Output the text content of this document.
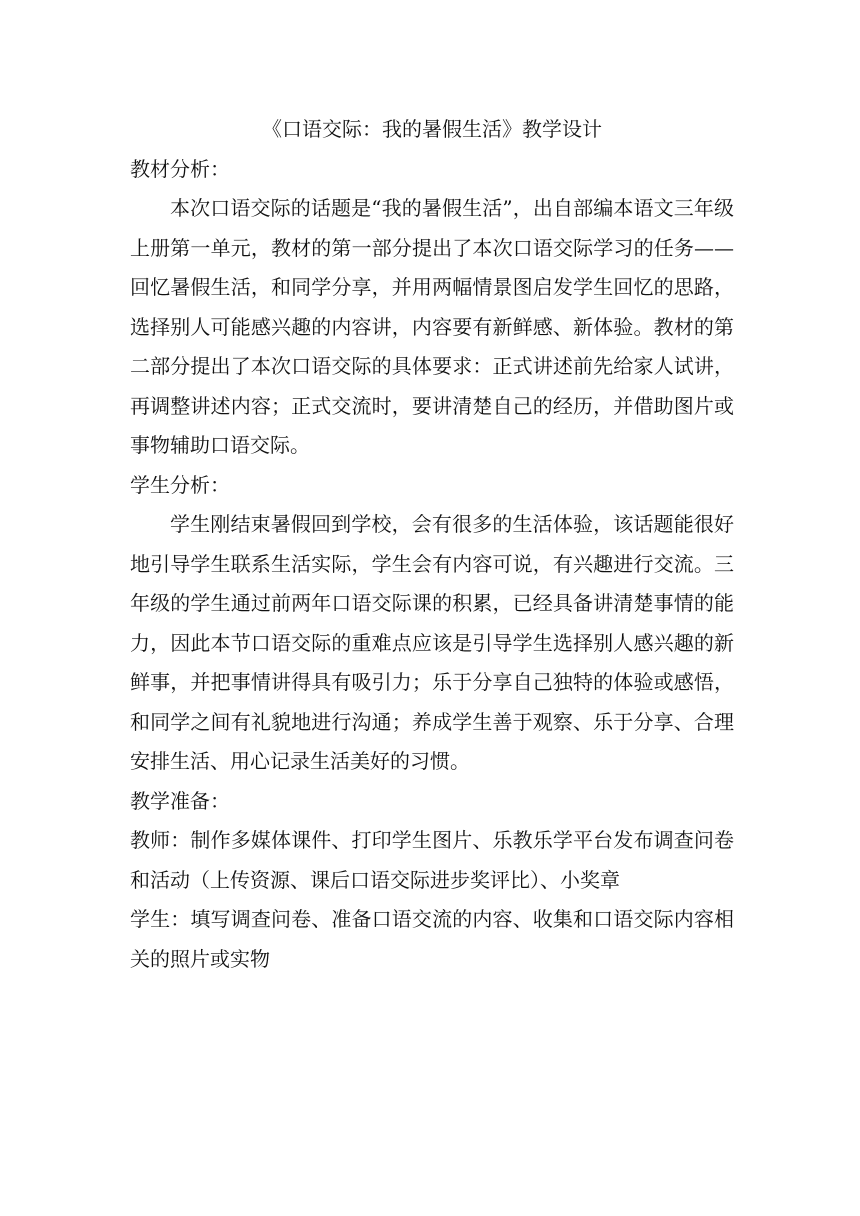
《口语交际：我的暑假生活》教学设计

教材分析：

本次口语交际的话题是“我的暑假生活”，出自部编本语文三年级上册第一单元，教材的第一部分提出了本次口语交际学习的任务——回忆暑假生活，和同学分享，并用两幅情景图启发学生回忆的思路，选择别人可能感兴趣的内容讲，内容要有新鲜感、新体验。教材的第二部分提出了本次口语交际的具体要求：正式讲述前先给家人试讲，再调整讲述内容；正式交流时，要讲清楚自己的经历，并借助图片或事物辅助口语交际。

学生分析：

学生刚结束暑假回到学校，会有很多的生活体验，该话题能很好地引导学生联系生活实际，学生会有内容可说，有兴趣进行交流。三年级的学生通过前两年口语交际课的积累，已经具备讲清楚事情的能力，因此本节口语交际的重难点应该是引导学生选择别人感兴趣的新鲜事，并把事情讲得具有吸引力；乐于分享自己独特的体验或感悟，和同学之间有礼貌地进行沟通；养成学生善于观察、乐于分享、合理安排生活、用心记录生活美好的习惯。

教学准备：

教师：制作多媒体课件、打印学生图片、乐教乐学平台发布调查问卷和活动（上传资源、课后口语交际进步奖评比）、小奖章

学生：填写调查问卷、准备口语交流的内容、收集和口语交际内容相关的照片或实物
